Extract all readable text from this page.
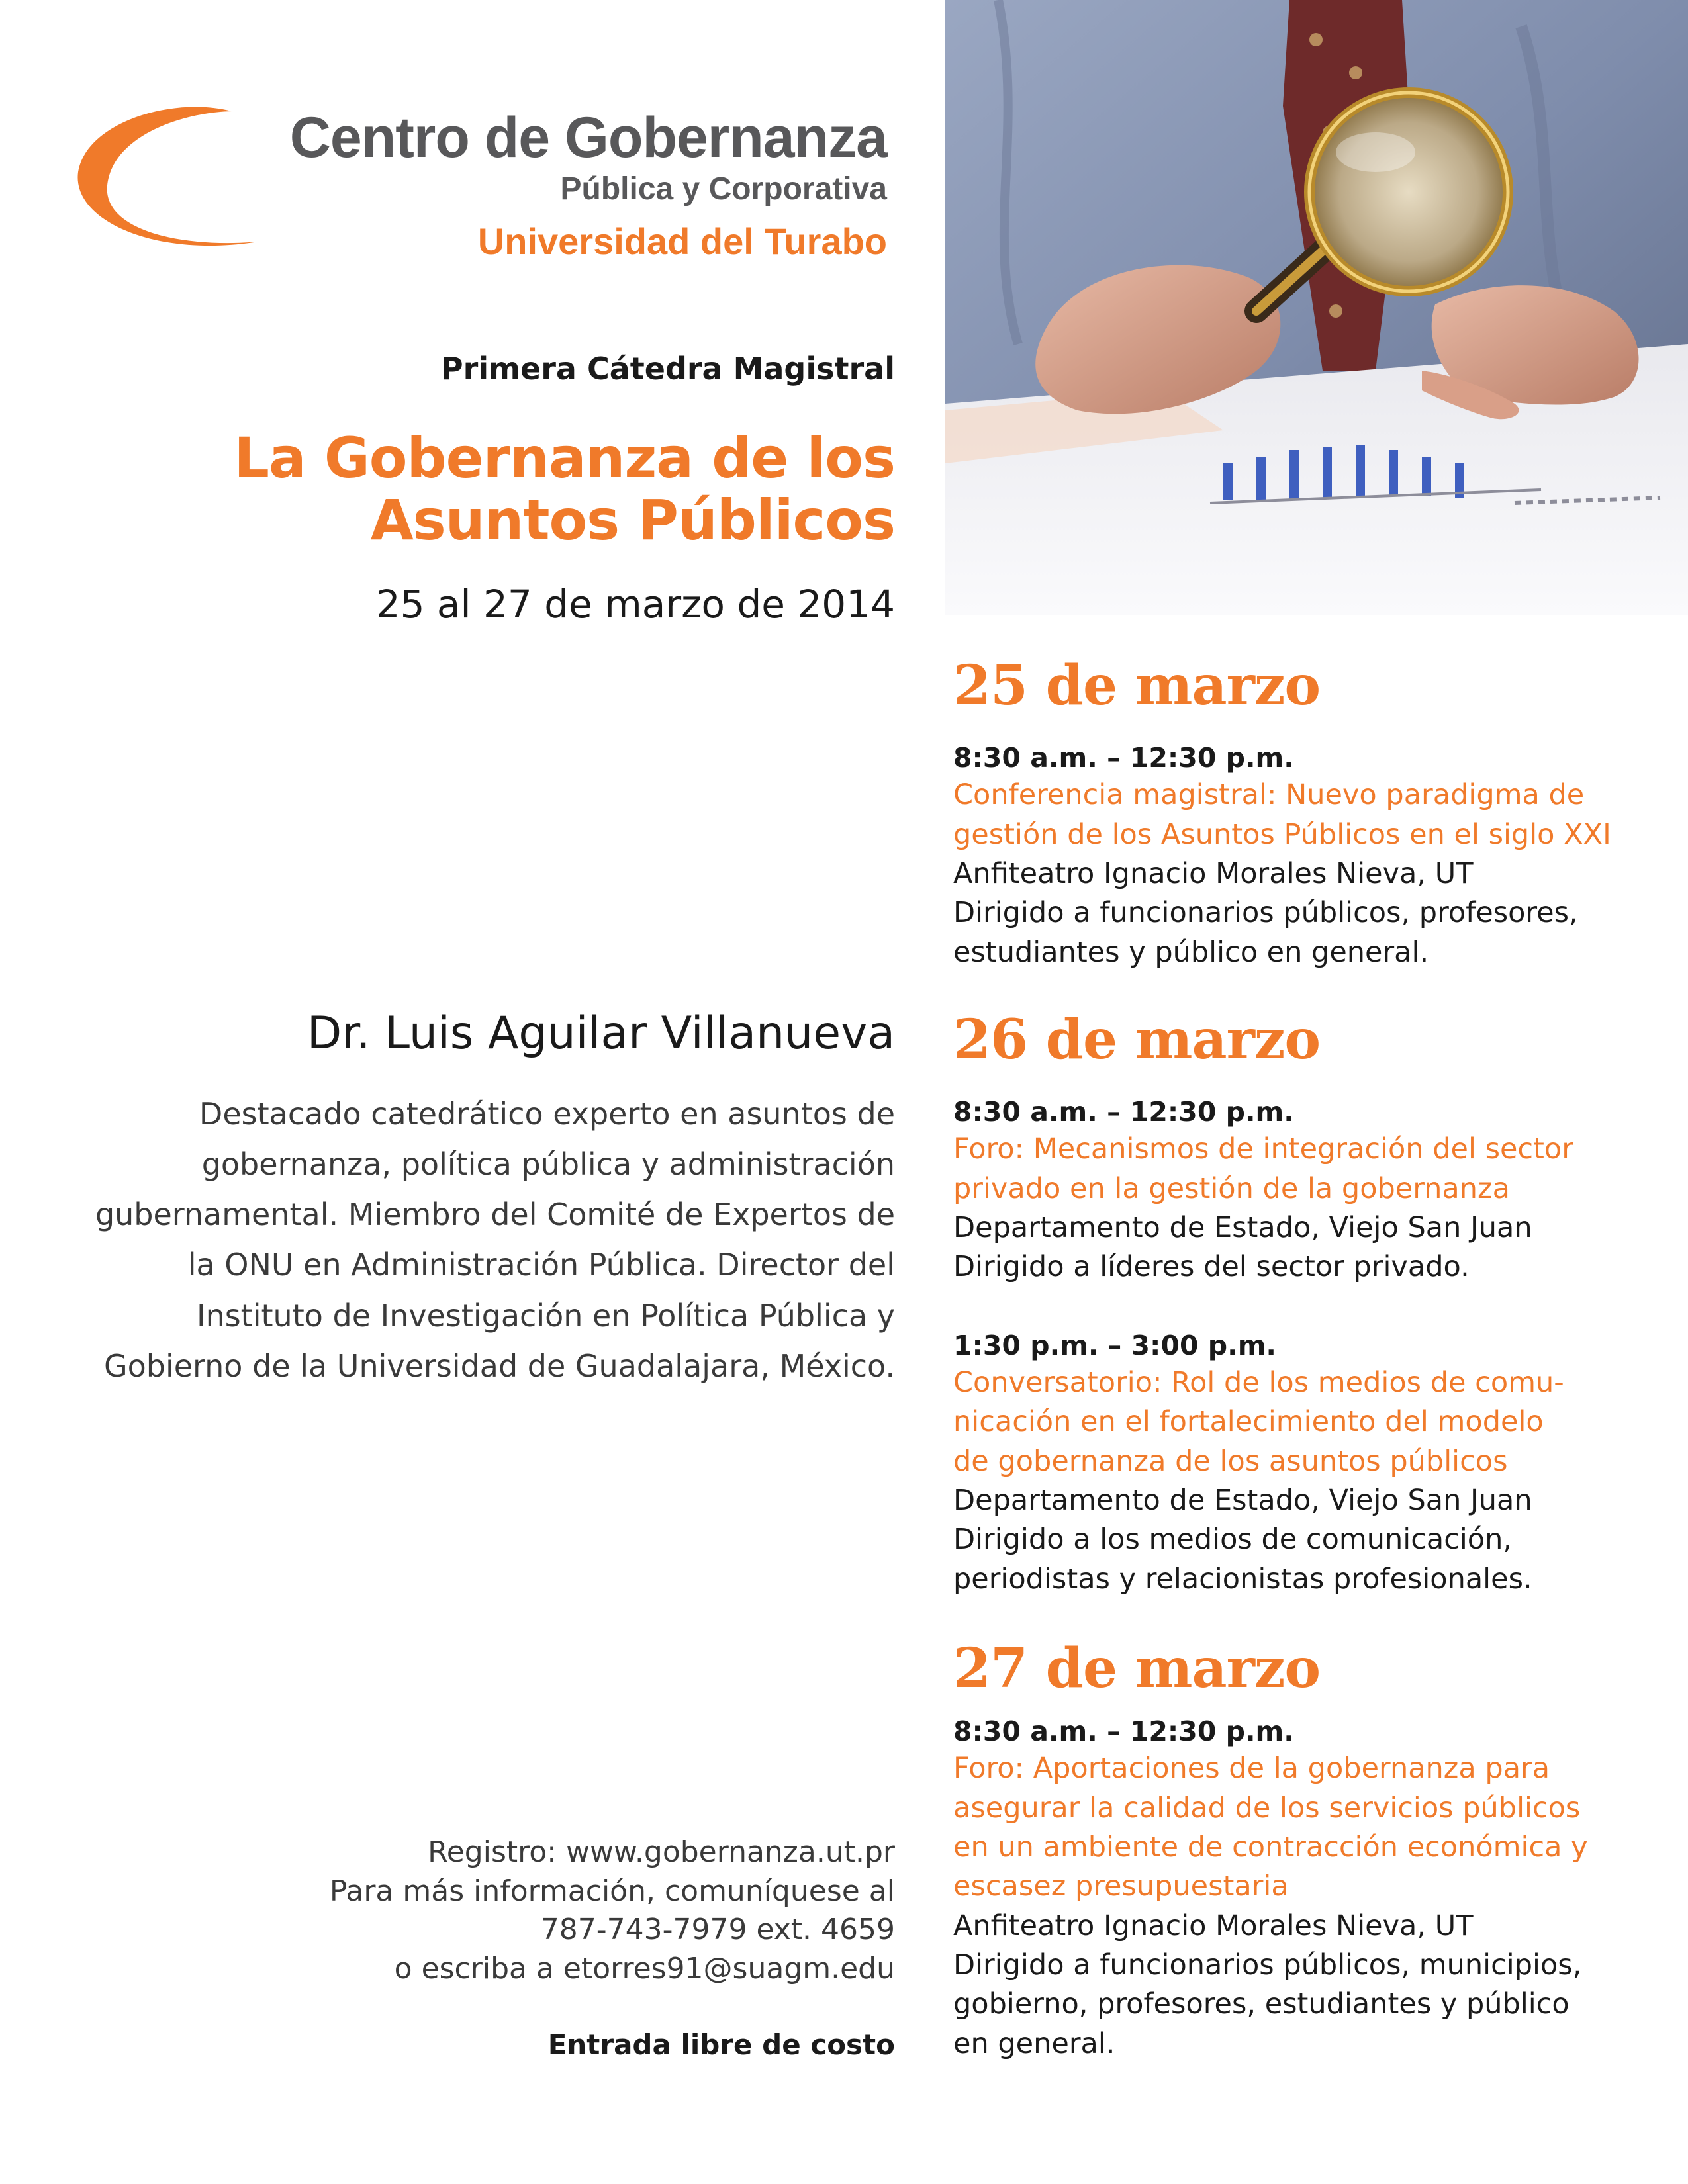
Centro de Gobernanza
Pública y Corporativa
Universidad del Turabo
Primera Cátedra Magistral
La Gobernanza de los
Asuntos Públicos
25 al 27 de marzo de 2014
Dr. Luis Aguilar Villanueva
Destacado catedrático experto en asuntos de
gobernanza, política pública y administración
gubernamental. Miembro del Comité de Expertos de
la ONU en Administración Pública. Director del
Instituto de Investigación en Política Pública y
Gobierno de la Universidad de Guadalajara, México.
Registro: www.gobernanza.ut.pr
Para más información, comuníquese al
787-743-7979 ext. 4659
o escriba a etorres91@suagm.edu
Entrada libre de costo
25 de marzo
8:30 a.m. – 12:30 p.m.
Conferencia magistral: Nuevo paradigma de
gestión de los Asuntos Públicos en el siglo XXI
Anfiteatro Ignacio Morales Nieva, UT
Dirigido a funcionarios públicos, profesores,
estudiantes y público en general.
26 de marzo
8:30 a.m. – 12:30 p.m.
Foro: Mecanismos de integración del sector
privado en la gestión de la gobernanza
Departamento de Estado, Viejo San Juan
Dirigido a líderes del sector privado.
1:30 p.m. – 3:00 p.m.
Conversatorio: Rol de los medios de comu-
nicación en el fortalecimiento del modelo
de gobernanza de los asuntos públicos
Departamento de Estado, Viejo San Juan
Dirigido a los medios de comunicación,
periodistas y relacionistas profesionales.
27 de marzo
8:30 a.m. – 12:30 p.m.
Foro: Aportaciones de la gobernanza para
asegurar la calidad de los servicios públicos
en un ambiente de contracción económica y
escasez presupuestaria
Anfiteatro Ignacio Morales Nieva, UT
Dirigido a funcionarios públicos, municipios,
gobierno, profesores, estudiantes y público
en general.
